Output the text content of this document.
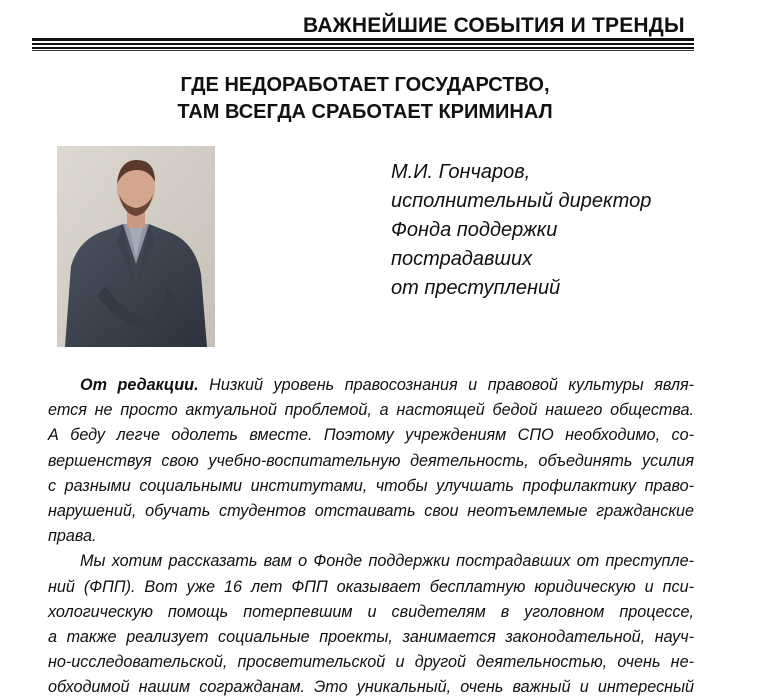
ВАЖНЕЙШИЕ СОБЫТИЯ И ТРЕНДЫ
ГДЕ НЕДОРАБОТАЕТ ГОСУДАРСТВО,
ТАМ ВСЕГДА СРАБОТАЕТ КРИМИНАЛ
М.И. Гончаров,
исполнительный директор
Фонда поддержки
пострадавших
от преступлений
От редакции. Низкий уровень правосознания и правовой культуры явля-
ется не просто актуальной проблемой, а настоящей бедой нашего общества.
А беду легче одолеть вместе. Поэтому учреждениям СПО необходимо, со-
вершенствуя свою учебно-воспитательную деятельность, объединять усилия
с разными социальными институтами, чтобы улучшать профилактику право-
нарушений, обучать студентов отстаивать свои неотъемлемые гражданские
права.
Мы хотим рассказать вам о Фонде поддержки пострадавших от преступле-
ний (ФПП). Вот уже 16 лет ФПП оказывает бесплатную юридическую и пси-
хологическую помощь потерпевшим и свидетелям в уголовном процессе,
а также реализует социальные проекты, занимается законодательной, науч-
но-исследовательской, просветительской и другой деятельностью, очень не-
обходимой нашим согражданам. Это уникальный, очень важный и интересный
